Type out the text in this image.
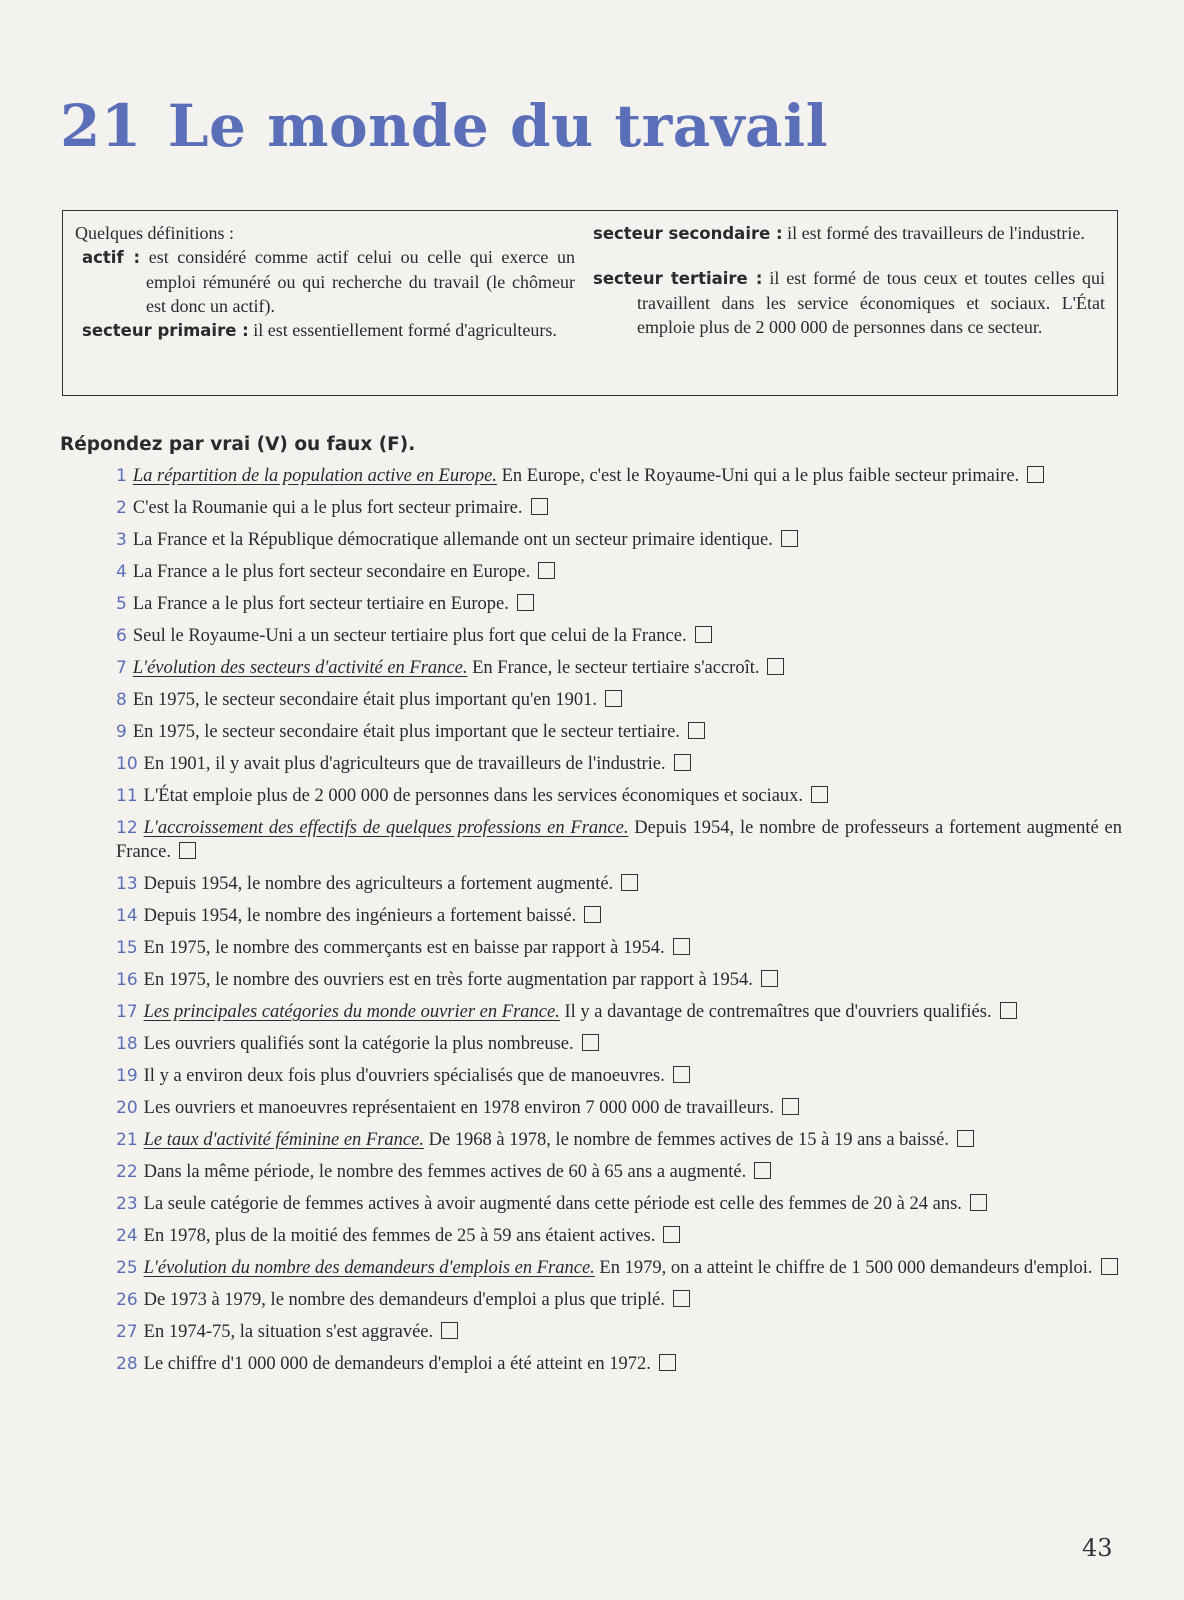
21 Le monde du travail
Quelques définitions :
actif : est considéré comme actif celui ou celle qui exerce un emploi rémunéré ou qui recherche du travail (le chômeur est donc un actif).
secteur primaire : il est essentiellement formé d'agriculteurs.
secteur secondaire : il est formé des travailleurs de l'industrie.
secteur tertiaire : il est formé de tous ceux et toutes celles qui travaillent dans les service économiques et sociaux. L'État emploie plus de 2 000 000 de personnes dans ce secteur.
Répondez par vrai (V) ou faux (F).
1 La répartition de la population active en Europe. En Europe, c'est le Royaume-Uni qui a le plus faible secteur primaire.
2 C'est la Roumanie qui a le plus fort secteur primaire.
3 La France et la République démocratique allemande ont un secteur primaire identique.
4 La France a le plus fort secteur secondaire en Europe.
5 La France a le plus fort secteur tertiaire en Europe.
6 Seul le Royaume-Uni a un secteur tertiaire plus fort que celui de la France.
7 L'évolution des secteurs d'activité en France. En France, le secteur tertiaire s'accroît.
8 En 1975, le secteur secondaire était plus important qu'en 1901.
9 En 1975, le secteur secondaire était plus important que le secteur tertiaire.
10 En 1901, il y avait plus d'agriculteurs que de travailleurs de l'industrie.
11 L'État emploie plus de 2 000 000 de personnes dans les services économiques et sociaux.
12 L'accroissement des effectifs de quelques professions en France. Depuis 1954, le nombre de professeurs a fortement augmenté en France.
13 Depuis 1954, le nombre des agriculteurs a fortement augmenté.
14 Depuis 1954, le nombre des ingénieurs a fortement baissé.
15 En 1975, le nombre des commerçants est en baisse par rapport à 1954.
16 En 1975, le nombre des ouvriers est en très forte augmentation par rapport à 1954.
17 Les principales catégories du monde ouvrier en France. Il y a davantage de contremaîtres que d'ouvriers qualifiés.
18 Les ouvriers qualifiés sont la catégorie la plus nombreuse.
19 Il y a environ deux fois plus d'ouvriers spécialisés que de manoeuvres.
20 Les ouvriers et manoeuvres représentaient en 1978 environ 7 000 000 de travailleurs.
21 Le taux d'activité féminine en France. De 1968 à 1978, le nombre de femmes actives de 15 à 19 ans a baissé.
22 Dans la même période, le nombre des femmes actives de 60 à 65 ans a augmenté.
23 La seule catégorie de femmes actives à avoir augmenté dans cette période est celle des femmes de 20 à 24 ans.
24 En 1978, plus de la moitié des femmes de 25 à 59 ans étaient actives.
25 L'évolution du nombre des demandeurs d'emplois en France. En 1979, on a atteint le chiffre de 1 500 000 demandeurs d'emploi.
26 De 1973 à 1979, le nombre des demandeurs d'emploi a plus que triplé.
27 En 1974-75, la situation s'est aggravée.
28 Le chiffre d'1 000 000 de demandeurs d'emploi a été atteint en 1972.
43
